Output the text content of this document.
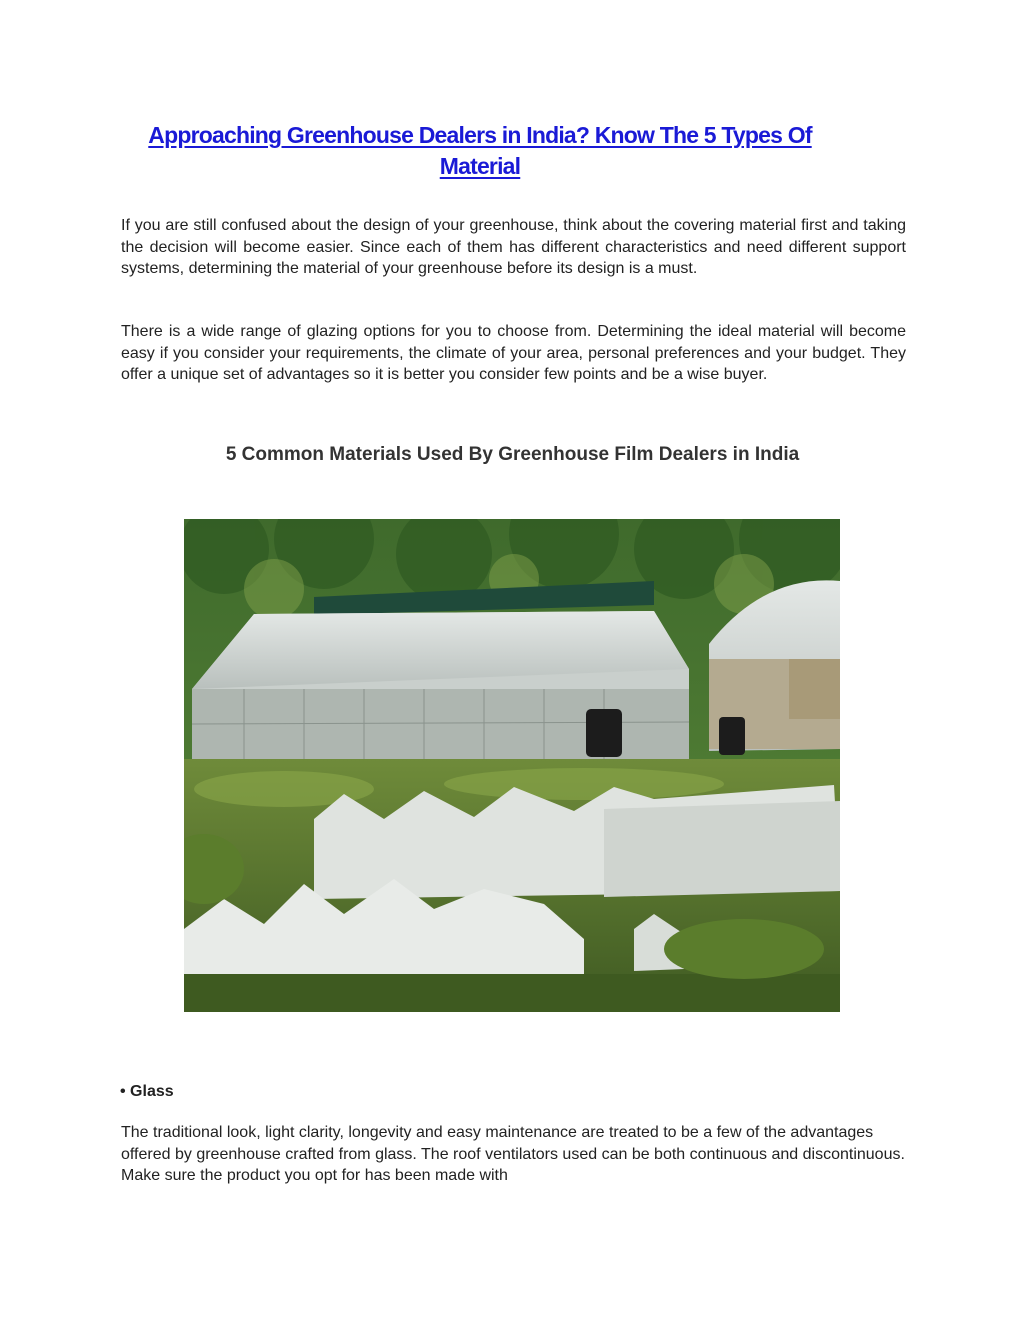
Approaching Greenhouse Dealers in India? Know The 5 Types Of Material

If you are still confused about the design of your greenhouse, think about the covering material first and taking the decision will become easier. Since each of them has different characteristics and need different support systems, determining the material of your greenhouse before its design is a must.

There is a wide range of glazing options for you to choose from. Determining the ideal material will become easy if you consider your requirements, the climate of your area, personal preferences and your budget. They offer a unique set of advantages so it is better you consider few points and be a wise buyer.

5 Common Materials Used By Greenhouse Film Dealers in India
• Glass

The traditional look, light clarity, longevity and easy maintenance are treated to be a few of the advantages offered by greenhouse crafted from glass. The roof ventilators used can be both continuous and discontinuous. Make sure the product you opt for has been made with
